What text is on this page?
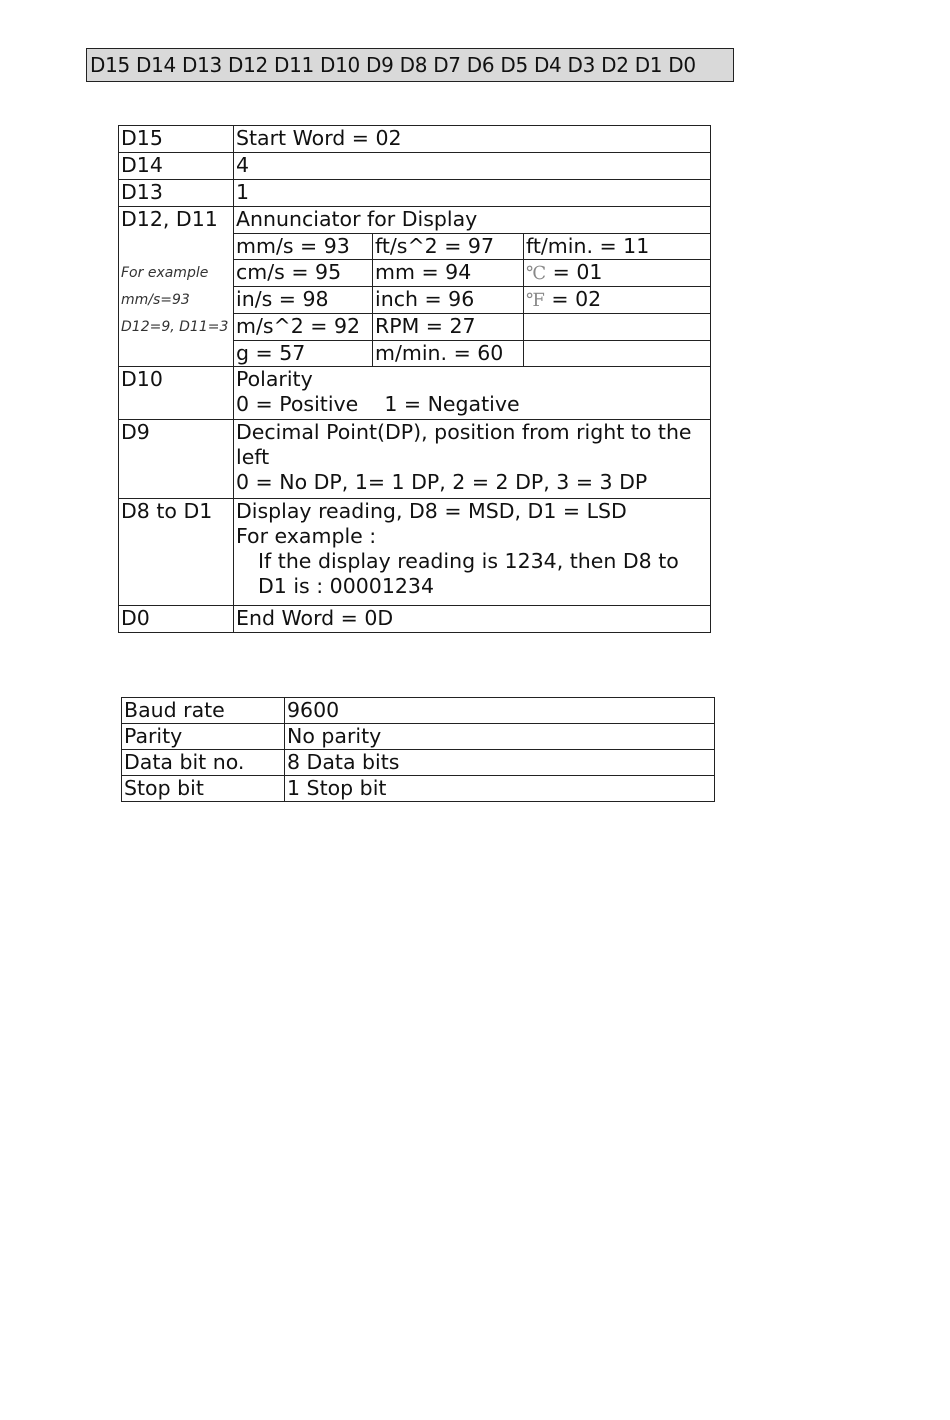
D15 D14 D13 D12 D11 D10 D9 D8 D7 D6 D5 D4 D3 D2 D1 D0
D15	Start Word = 02		
D14	4		
D13	1		
D12, D11	Annunciator for Display		
	mm/s = 93	ft/s^2 = 97	ft/min. = 11
For example	cm/s = 95	mm = 94	℃ = 01
mm/s=93	in/s = 98	inch = 96	℉ = 02
D12=9, D11=3	m/s^2 = 92	RPM = 27	
	g = 57	m/min. = 60	
D10	Polarity
0 = Positive    1 = Negative		

D9	Decimal Point(DP), position from right to the
left
0 = No DP, 1= 1 DP, 2 = 2 DP, 3 = 3 DP		

D8 to D1	Display reading, D8 = MSD, D1 = LSD
For example :
If the display reading is 1234, then D8 to
D1 is : 00001234		

D0	End Word = 0D		
Baud rate	9600
Parity	No parity
Data bit no.	8 Data bits
Stop bit	1 Stop bit
